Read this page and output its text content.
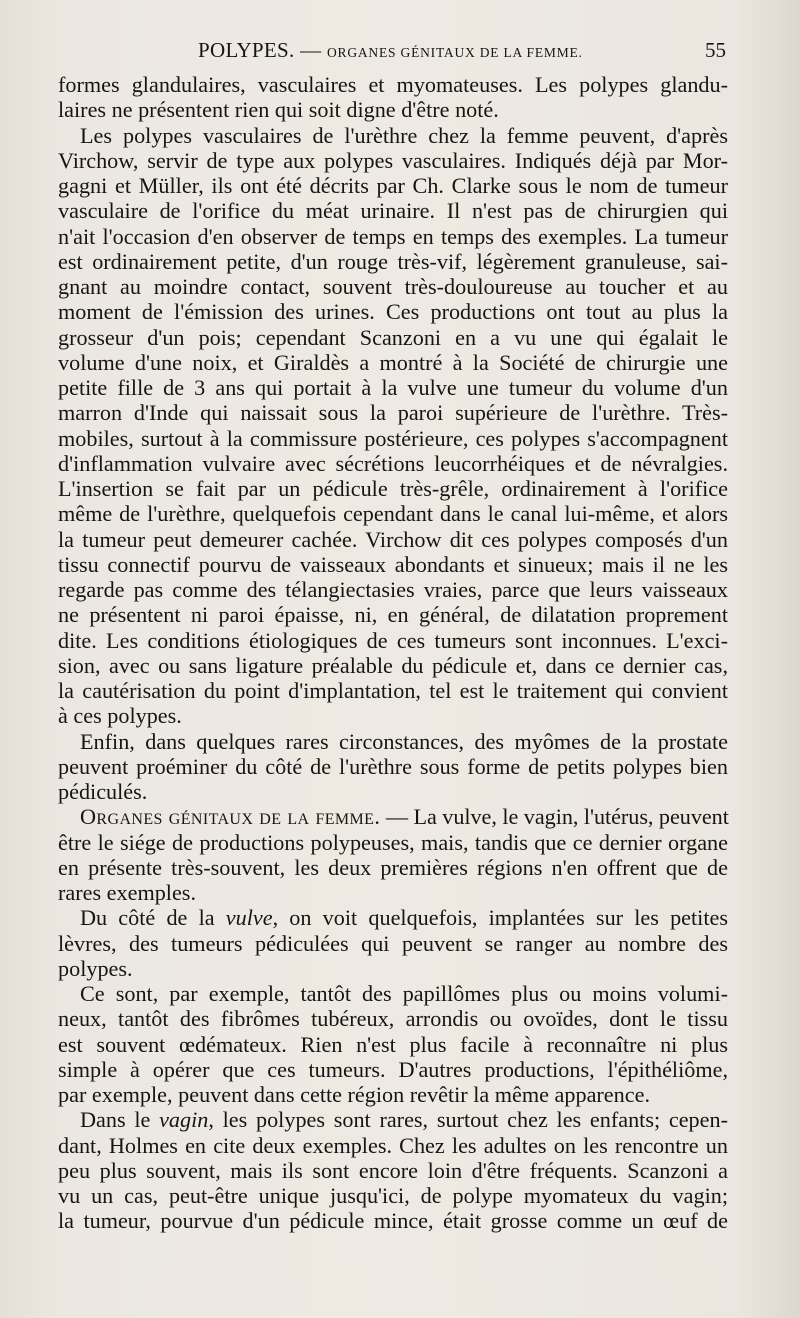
POLYPES. — ORGANES GÉNITAUX DE LA FEMME.	55

formes glandulaires, vasculaires et myomateuses. Les polypes glandu-
laires ne présentent rien qui soit digne d'être noté.

Les polypes vasculaires de l'urèthre chez la femme peuvent, d'après
Virchow, servir de type aux polypes vasculaires. Indiqués déjà par Mor-
gagni et Müller, ils ont été décrits par Ch. Clarke sous le nom de tumeur
vasculaire de l'orifice du méat urinaire. Il n'est pas de chirurgien qui
n'ait l'occasion d'en observer de temps en temps des exemples. La tumeur
est ordinairement petite, d'un rouge très-vif, légèrement granuleuse, sai-
gnant au moindre contact, souvent très-douloureuse au toucher et au
moment de l'émission des urines. Ces productions ont tout au plus la
grosseur d'un pois; cependant Scanzoni en a vu une qui égalait le
volume d'une noix, et Giraldès a montré à la Société de chirurgie une
petite fille de 3 ans qui portait à la vulve une tumeur du volume d'un
marron d'Inde qui naissait sous la paroi supérieure de l'urèthre. Très-
mobiles, surtout à la commissure postérieure, ces polypes s'accompagnent
d'inflammation vulvaire avec sécrétions leucorrhéiques et de névralgies.
L'insertion se fait par un pédicule très-grêle, ordinairement à l'orifice
même de l'urèthre, quelquefois cependant dans le canal lui-même, et alors
la tumeur peut demeurer cachée. Virchow dit ces polypes composés d'un
tissu connectif pourvu de vaisseaux abondants et sinueux; mais il ne les
regarde pas comme des télangiectasies vraies, parce que leurs vaisseaux
ne présentent ni paroi épaisse, ni, en général, de dilatation proprement
dite. Les conditions étiologiques de ces tumeurs sont inconnues. L'exci-
sion, avec ou sans ligature préalable du pédicule et, dans ce dernier cas,
la cautérisation du point d'implantation, tel est le traitement qui convient
à ces polypes.

Enfin, dans quelques rares circonstances, des myômes de la prostate
peuvent proéminer du côté de l'urèthre sous forme de petits polypes bien
pédiculés.

Organes génitaux de la femme. — La vulve, le vagin, l'utérus, peuvent
être le siége de productions polypeuses, mais, tandis que ce dernier organe
en présente très-souvent, les deux premières régions n'en offrent que de
rares exemples.

Du côté de la vulve, on voit quelquefois, implantées sur les petites
lèvres, des tumeurs pédiculées qui peuvent se ranger au nombre des
polypes.

Ce sont, par exemple, tantôt des papillômes plus ou moins volumi-
neux, tantôt des fibrômes tubéreux, arrondis ou ovoïdes, dont le tissu
est souvent œdémateux. Rien n'est plus facile à reconnaître ni plus
simple à opérer que ces tumeurs. D'autres productions, l'épithéliôme,
par exemple, peuvent dans cette région revêtir la même apparence.

Dans le vagin, les polypes sont rares, surtout chez les enfants; cepen-
dant, Holmes en cite deux exemples. Chez les adultes on les rencontre un
peu plus souvent, mais ils sont encore loin d'être fréquents. Scanzoni a
vu un cas, peut-être unique jusqu'ici, de polype myomateux du vagin;
la tumeur, pourvue d'un pédicule mince, était grosse comme un œuf de
